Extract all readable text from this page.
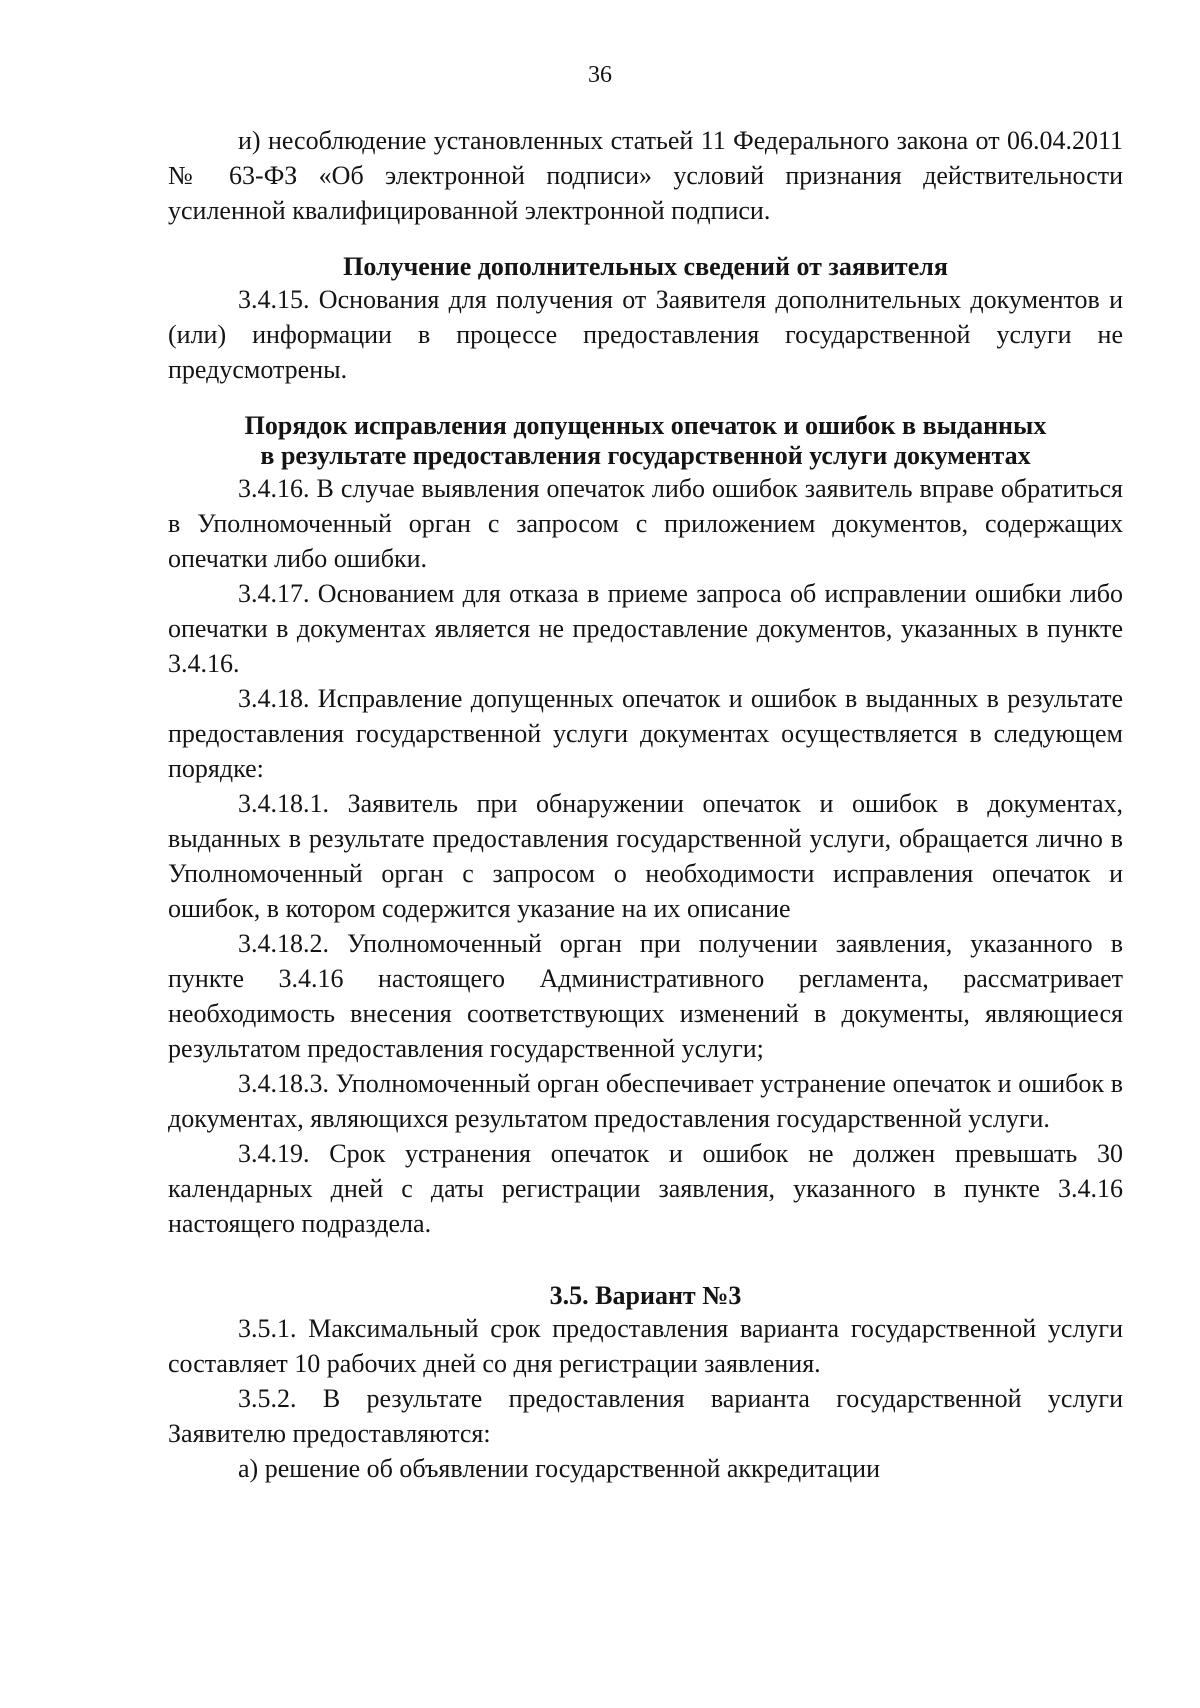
36

и) несоблюдение установленных статьей 11 Федерального закона от 06.04.2011 № 63-ФЗ «Об электронной подписи» условий признания действительности усиленной квалифицированной электронной подписи.

Получение дополнительных сведений от заявителя

3.4.15. Основания для получения от Заявителя дополнительных документов и (или) информации в процессе предоставления государственной услуги не предусмотрены.

Порядок исправления допущенных опечаток и ошибок в выданных
в результате предоставления государственной услуги документах

3.4.16. В случае выявления опечаток либо ошибок заявитель вправе обратиться в Уполномоченный орган с запросом с приложением документов, содержащих опечатки либо ошибки.

3.4.17. Основанием для отказа в приеме запроса об исправлении ошибки либо опечатки в документах является не предоставление документов, указанных в пункте 3.4.16.

3.4.18. Исправление допущенных опечаток и ошибок в выданных в результате предоставления государственной услуги документах осуществляется в следующем порядке:

3.4.18.1. Заявитель при обнаружении опечаток и ошибок в документах, выданных в результате предоставления государственной услуги, обращается лично в Уполномоченный орган с запросом о необходимости исправления опечаток и ошибок, в котором содержится указание на их описание

3.4.18.2. Уполномоченный орган при получении заявления, указанного в пункте 3.4.16 настоящего Административного регламента, рассматривает необходимость внесения соответствующих изменений в документы, являющиеся результатом предоставления государственной услуги;

3.4.18.3. Уполномоченный орган обеспечивает устранение опечаток и ошибок в документах, являющихся результатом предоставления государственной услуги.

3.4.19. Срок устранения опечаток и ошибок не должен превышать 30 календарных дней с даты регистрации заявления, указанного в пункте 3.4.16 настоящего подраздела.

3.5. Вариант №3

3.5.1. Максимальный срок предоставления варианта государственной услуги составляет 10 рабочих дней со дня регистрации заявления.

3.5.2. В результате предоставления варианта государственной услуги Заявителю предоставляются:

а) решение об объявлении государственной аккредитации
